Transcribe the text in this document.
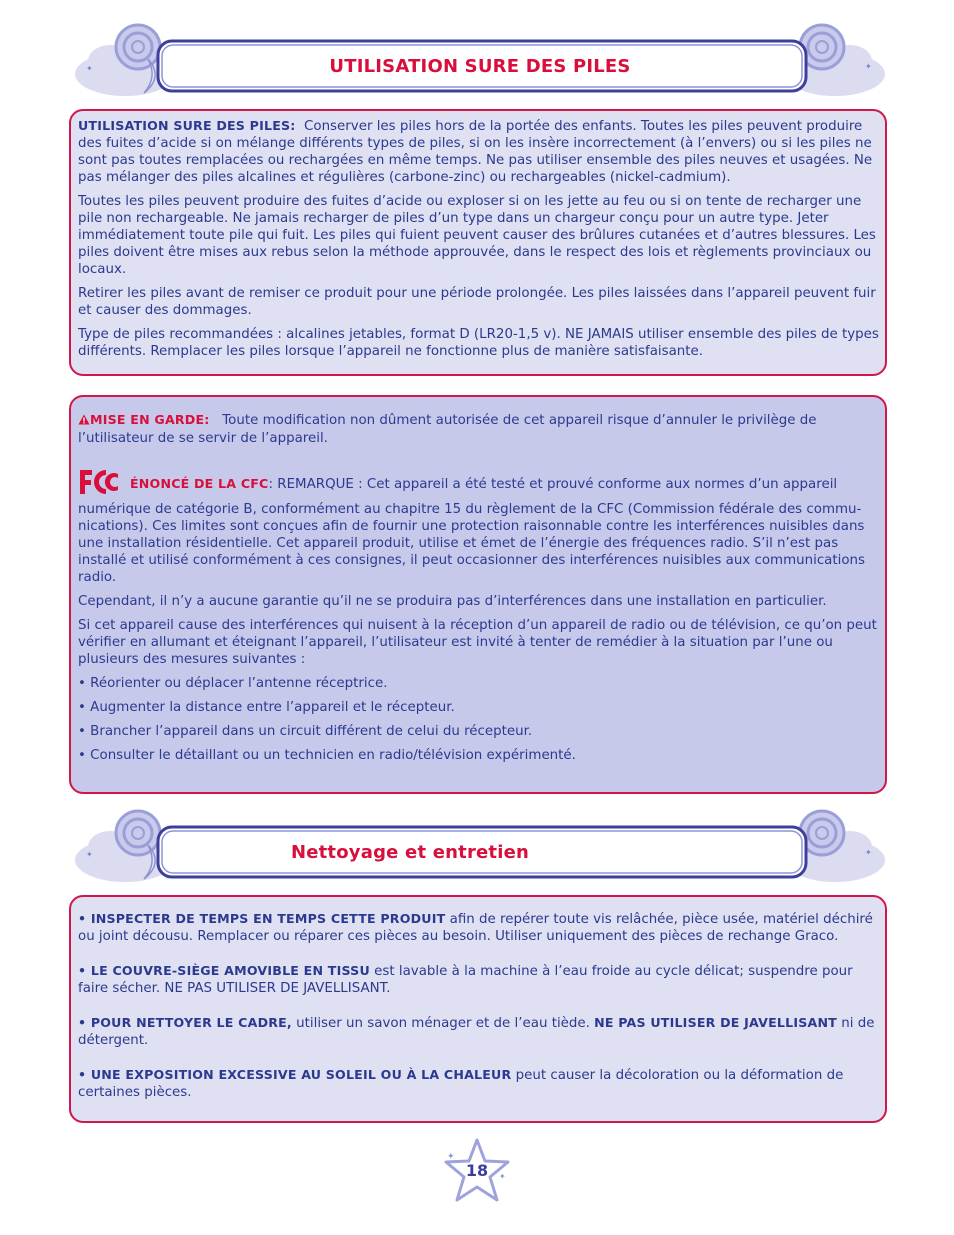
✦	✦
UTILISATION SURE DES PILES

UTILISATION SURE DES PILES: Conserver les piles hors de la portée des enfants. Toutes les piles peuvent produire des fuites d’acide si on mélange différents types de piles, si on les insère incorrectement (à l’envers) ou si les piles ne sont pas toutes remplacées ou rechargées en même temps. Ne pas utiliser ensemble des piles neuves et usagées. Ne pas mélanger des piles alcalines et régulières (carbone-zinc) ou rechargeables (nickel-cadmium).

Toutes les piles peuvent produire des fuites d’acide ou exploser si on les jette au feu ou si on tente de recharger une pile non rechargeable. Ne jamais recharger de piles d’un type dans un chargeur conçu pour un autre type. Jeter immédiatement toute pile qui fuit. Les piles qui fuient peuvent causer des brûlures cutanées et d’autres blessures. Les piles doivent être mises aux rebus selon la méthode approuvée, dans le respect des lois et règlements provinciaux ou locaux.

Retirer les piles avant de remiser ce produit pour une période prolongée. Les piles laissées dans l’appareil peuvent fuir et causer des dommages.

Type de piles recommandées : alcalines jetables, format D (LR20-1,5 v). NE JAMAIS utiliser ensemble des piles de types différents. Remplacer les piles lorsque l’appareil ne fonctionne plus de manière satisfaisante.

MISE EN GARDE: Toute modification non dûment autorisée de cet appareil risque d’annuler le privilège de l’utilisateur de se servir de l’appareil.

ÉNONCÉ DE LA CFC: REMARQUE : Cet appareil a été testé et prouvé conforme aux normes d’un appareil numérique de catégorie B, conformément au chapitre 15 du règlement de la CFC (Commission fédérale des commu-nications). Ces limites sont conçues afin de fournir une protection raisonnable contre les interférences nuisibles dans une installation résidentielle. Cet appareil produit, utilise et émet de l’énergie des fréquences radio. S’il n’est pas installé et utilisé conformément à ces consignes, il peut occasionner des interférences nuisibles aux communications radio.

Cependant, il n’y a aucune garantie qu’il ne se produira pas d’interférences dans une installation en particulier.

Si cet appareil cause des interférences qui nuisent à la réception d’un appareil de radio ou de télévision, ce qu’on peut vérifier en allumant et éteignant l’appareil, l’utilisateur est invité à tenter de remédier à la situation par l’une ou plusieurs des mesures suivantes :

• Réorienter ou déplacer l’antenne réceptrice.

• Augmenter la distance entre l’appareil et le récepteur.

• Brancher l’appareil dans un circuit différent de celui du récepteur.

• Consulter le détaillant ou un technicien en radio/télévision expérimenté.

✦	✦
Nettoyage et entretien

• INSPECTER DE TEMPS EN TEMPS CETTE PRODUIT afin de repérer toute vis relâchée, pièce usée, matériel déchiré ou joint décousu. Remplacer ou réparer ces pièces au besoin. Utiliser uniquement des pièces de rechange Graco.

• LE COUVRE-SIÈGE AMOVIBLE EN TISSU est lavable à la machine à l’eau froide au cycle délicat; suspendre pour faire sécher. NE PAS UTILISER DE JAVELLISANT.

• POUR NETTOYER LE CADRE, utiliser un savon ménager et de l’eau tiède. NE PAS UTILISER DE JAVELLISANT ni de détergent.

• UNE EXPOSITION EXCESSIVE AU SOLEIL OU À LA CHALEUR peut causer la décoloration ou la déformation de certaines pièces.

✦
✦
18
